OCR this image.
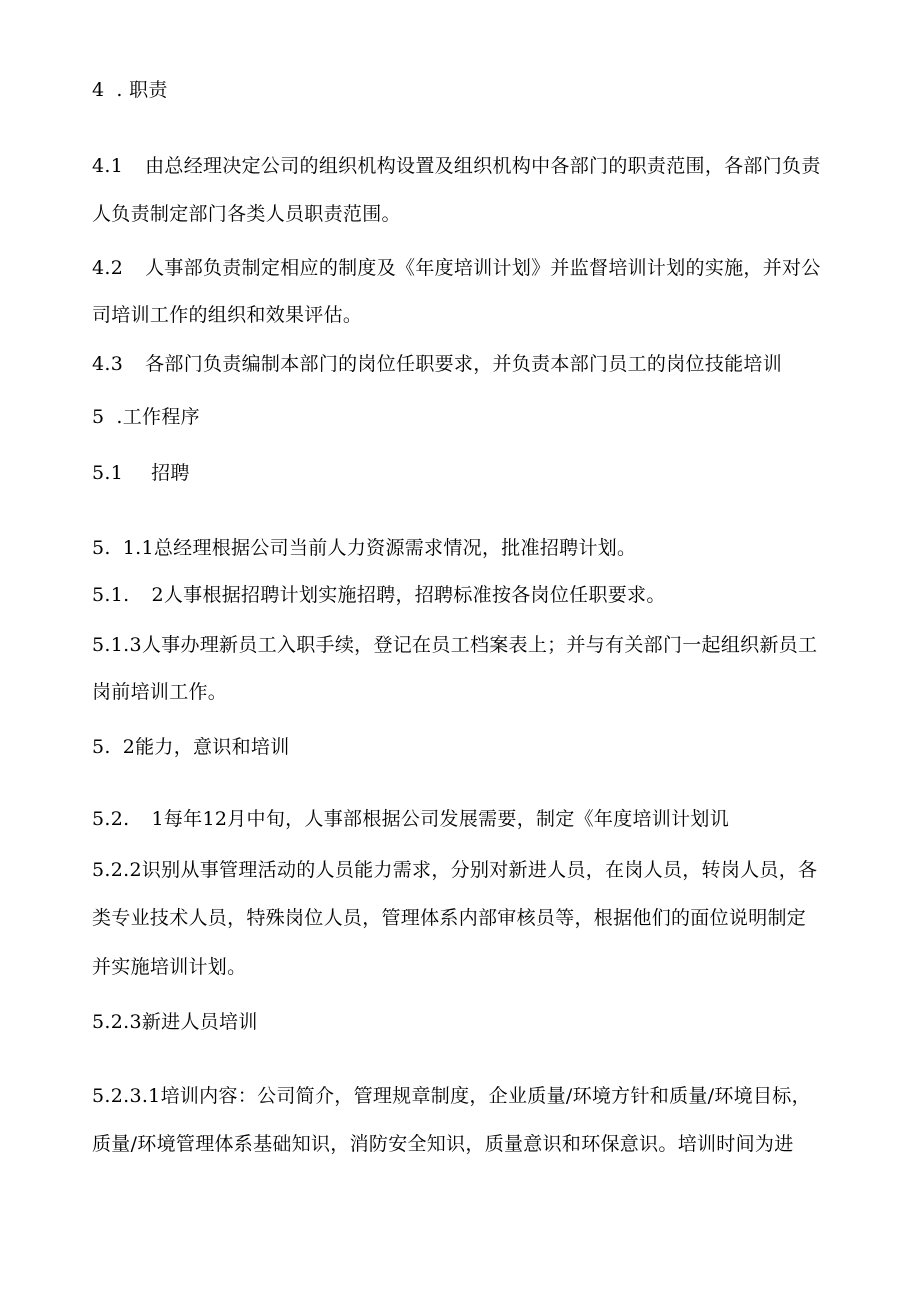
4 . 职责
4.1 由总经理决定公司的组织机构设置及组织机构中各部门的职责范围，各部门负责
人负责制定部门各类人员职责范围。
4.2 人事部负责制定相应的制度及《年度培训计划》并监督培训计划的实施，并对公
司培训工作的组织和效果评估。
4.3 各部门负责编制本部门的岗位任职要求，并负责本部门员工的岗位技能培训
5 .工作程序
5.1 招聘
5. 1.1总经理根据公司当前人力资源需求情况，批准招聘计划。
5.1. 2人事根据招聘计划实施招聘，招聘标准按各岗位任职要求。
5.1.3人事办理新员工入职手续，登记在员工档案表上；并与有关部门一起组织新员工
岗前培训工作。
5. 2能力，意识和培训
5.2. 1每年12月中旬，人事部根据公司发展需要，制定《年度培训计划讥
5.2.2识别从事管理活动的人员能力需求，分别对新进人员，在岗人员，转岗人员，各
类专业技术人员，特殊岗位人员，管理体系内部审核员等，根据他们的面位说明制定
并实施培训计划。
5.2.3新进人员培训
5.2.3.1培训内容：公司简介，管理规章制度，企业质量/环境方针和质量/环境目标，
质量/环境管理体系基础知识，消防安全知识，质量意识和环保意识。培训时间为进
